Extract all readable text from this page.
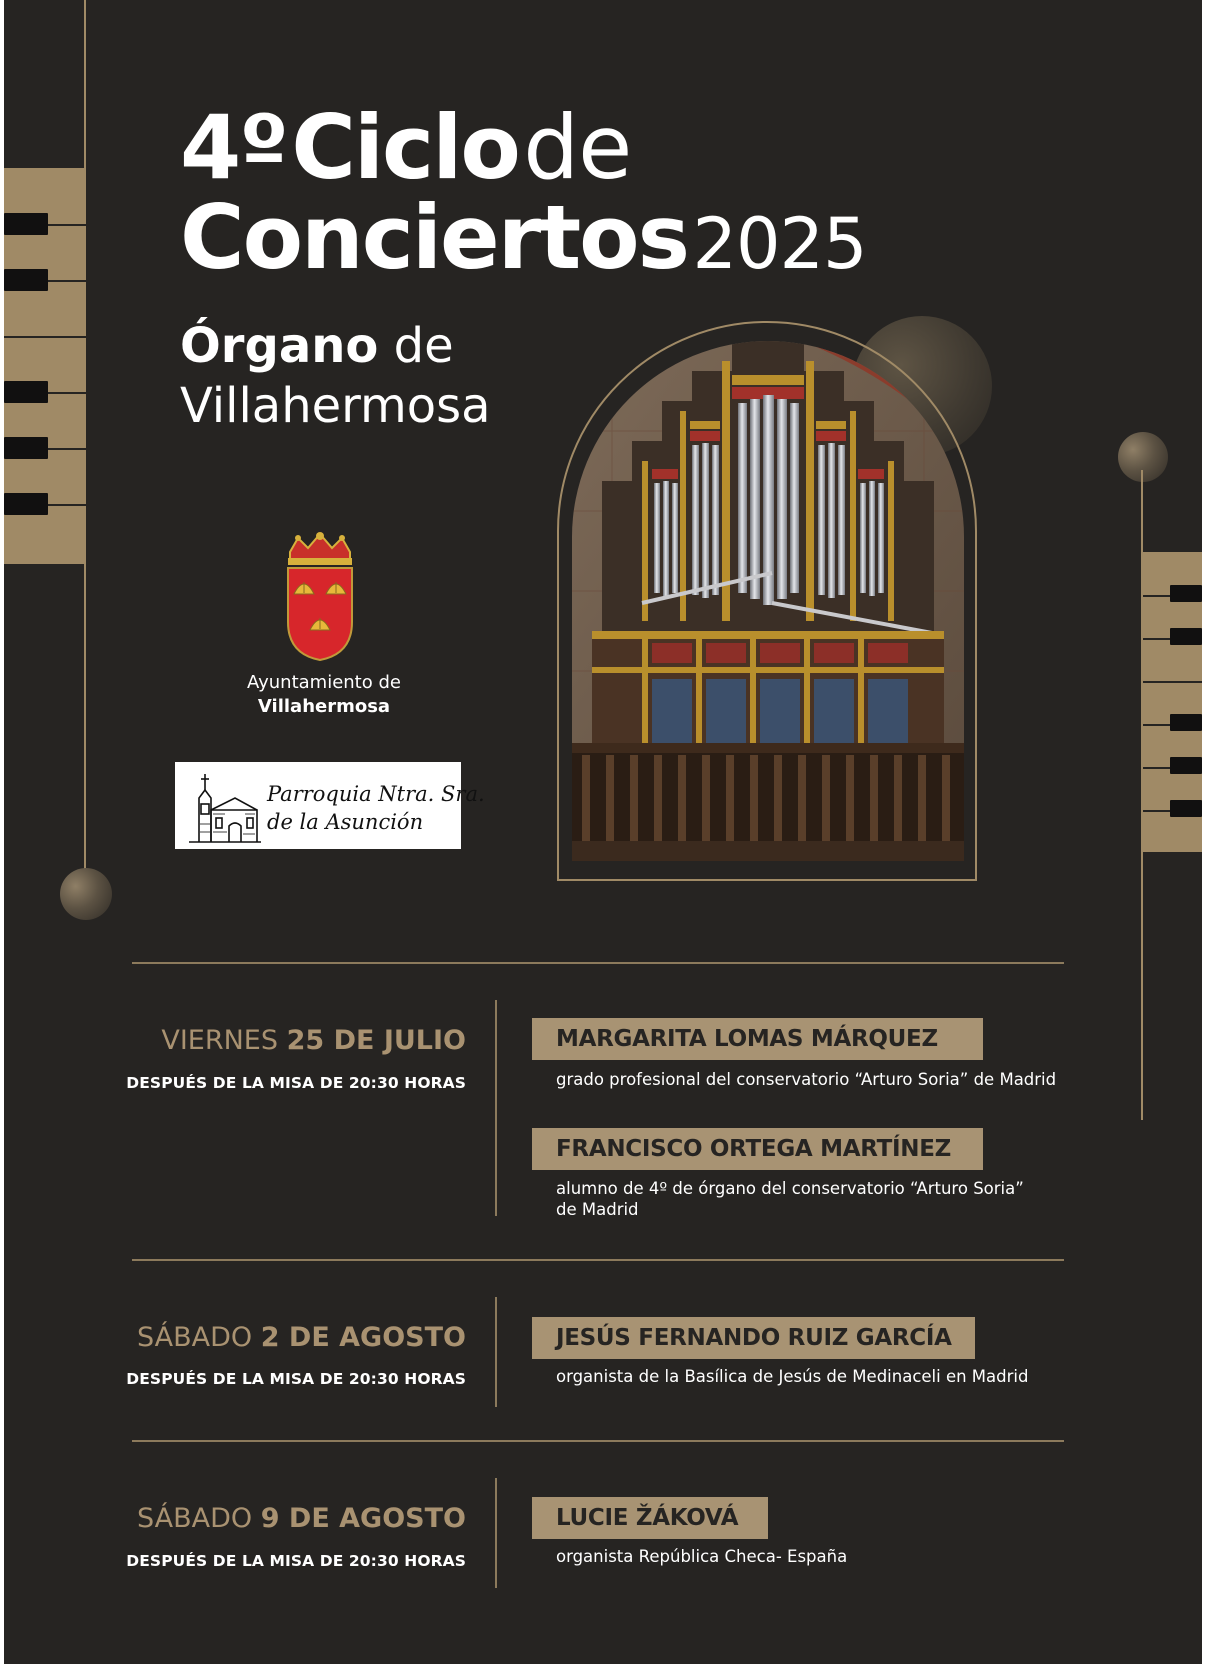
4º Ciclo de
Conciertos 2025
Órgano de
Villahermosa
Ayuntamiento de
Villahermosa
Parroquia Ntra. Sra.
de la Asunción
VIERNES 25 DE JULIO
DESPUÉS DE LA MISA DE 20:30 HORAS
MARGARITA LOMAS MÁRQUEZ
grado profesional del conservatorio “Arturo Soria” de Madrid
FRANCISCO ORTEGA MARTÍNEZ
alumno de 4º de órgano del conservatorio “Arturo Soria”
de Madrid
SÁBADO 2 DE AGOSTO
DESPUÉS DE LA MISA DE 20:30 HORAS
JESÚS FERNANDO RUIZ GARCÍA
organista de la Basílica de Jesús de Medinaceli en Madrid
SÁBADO 9 DE AGOSTO
DESPUÉS DE LA MISA DE 20:30 HORAS
LUCIE ŽÁKOVÁ
organista República Checa- España
